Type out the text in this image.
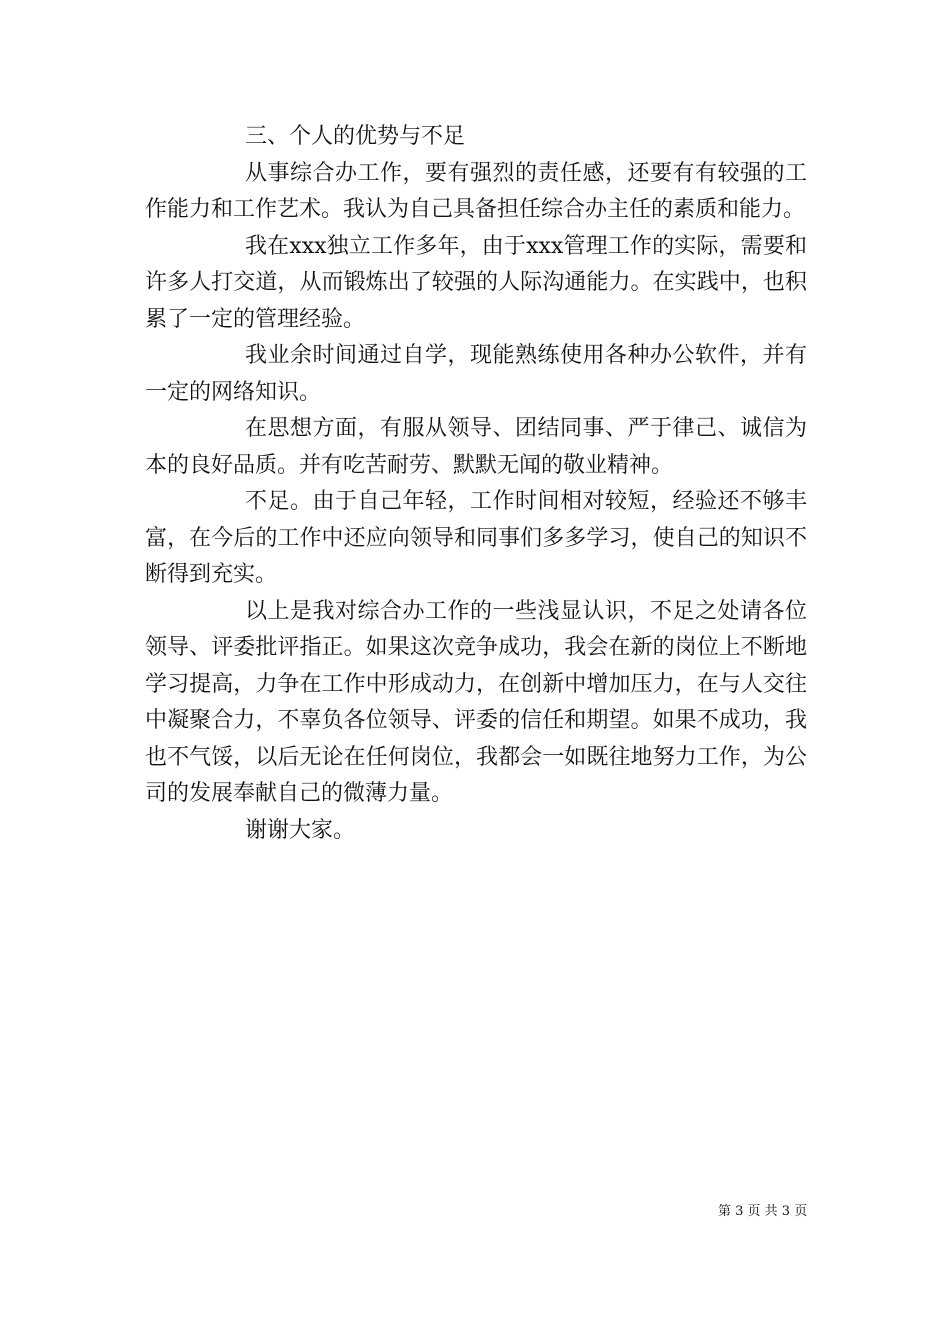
三、个人的优势与不足

从事综合办工作，要有强烈的责任感，还要有有较强的工作能力和工作艺术。我认为自己具备担任综合办主任的素质和能力。

我在xxx独立工作多年，由于xxx管理工作的实际，需要和许多人打交道，从而锻炼出了较强的人际沟通能力。在实践中，也积累了一定的管理经验。

我业余时间通过自学，现能熟练使用各种办公软件，并有一定的网络知识。

在思想方面，有服从领导、团结同事、严于律己、诚信为本的良好品质。并有吃苦耐劳、默默无闻的敬业精神。

不足。由于自己年轻，工作时间相对较短，经验还不够丰富，在今后的工作中还应向领导和同事们多多学习，使自己的知识不断得到充实。

以上是我对综合办工作的一些浅显认识，不足之处请各位领导、评委批评指正。如果这次竞争成功，我会在新的岗位上不断地学习提高，力争在工作中形成动力，在创新中增加压力，在与人交往中凝聚合力，不辜负各位领导、评委的信任和期望。如果不成功，我也不气馁，以后无论在任何岗位，我都会一如既往地努力工作，为公司的发展奉献自己的微薄力量。

谢谢大家。

第 3 页 共 3 页
